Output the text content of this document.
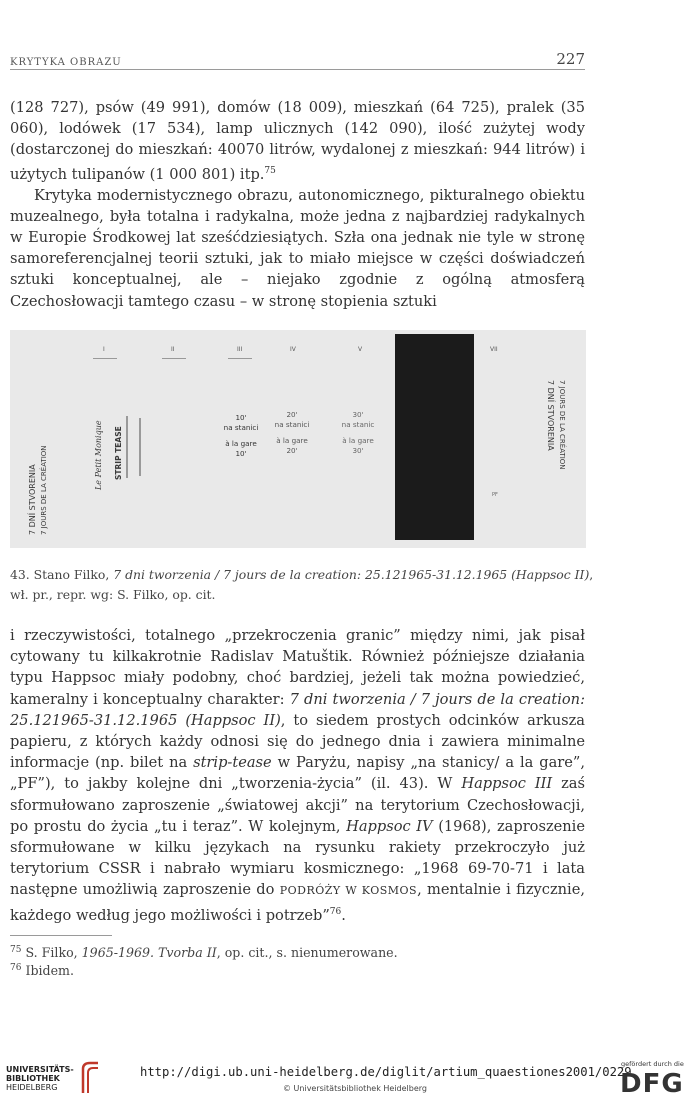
KRYTYKA OBRAZU	227

(128 727), psów (49 991), domów (18 009), mieszkań (64 725), pralek (35 060), lodówek (17 534), lamp ulicznych (142 090), ilość zużytej wody (dostarczonej do mieszkań: 40070 litrów, wydalonej z mieszkań: 944 litrów) i użytych tulipanów (1 000 801) itp.$^{75}$

Krytyka modernistycznego obrazu, autonomicznego, pikturalnego obiektu muzealnego, była totalna i radykalna, może jedna z najbardziej radykalnych w Europie Środkowej lat sześćdziesiątych. Szła ona jednak nie tyle w stronę samoreferencjalnej teorii sztuki, jak to miało miejsce w części doświadczeń sztuki konceptualnej, ale – niejako zgodnie z ogólną atmosferą Czechosłowacji tamtego czasu – w stronę stopienia sztuki

7 DNÍ STVORENIA 7 JOURS DE LA CRÉATION
I	II	III	IV	V	VII
Le Petit Monique STRIP TEASE
10'
na stanici
à la gare
10'
20'
na stanici
à la gare
20'
30'
na stanic
à la gare
30'
PF
7 DNÍ STVORENIA 7 JOURS DE LA CRÉATION
43. Stano Filko, 7 dni tworzenia / 7 jours de la creation: 25.121965-31.12.1965 (Happsoc II),
wł. pr., repr. wg: S. Filko, op. cit.

i rzeczywistości, totalnego „przekroczenia granic” między nimi, jak pisał cytowany tu kilkakrotnie Radislav Matuštik. Również późniejsze działania typu Happsoc miały podobny, choć bardziej, jeżeli tak można powiedzieć, kameralny i konceptualny charakter: 7 dni tworzenia / 7 jours de la creation: 25.121965-31.12.1965 (Happsoc II), to siedem prostych odcinków arkusza papieru, z których każdy odnosi się do jednego dnia i zawiera minimalne informacje (np. bilet na strip-tease w Paryżu, napisy „na stanicy/ a la gare”, „PF”), to jakby kolejne dni „tworzenia-życia” (il. 43). W Happsoc III zaś sformułowano zaproszenie „światowej akcji” na terytorium Czechosłowacji, po prostu do życia „tu i teraz”. W kolejnym, Happsoc IV (1968), zaproszenie sformułowane w kilku językach na rysunku rakiety przekroczyło już terytorium CSSR i nabrało wymiaru kosmicznego: „1968 69-70-71 i lata następne umożliwią zaproszenie do PODRÓŻY W KOSMOS, mentalnie i fizycznie, każdego według jego możliwości i potrzeb”$^{76}$.

$^{75}$ S. Filko, 1965-1969. Tvorba II, op. cit., s. nienumerowane.
$^{76}$ Ibidem.
UNIVERSITÄTS-
BIBLIOTHEK
HEIDELBERG
http://digi.ub.uni-heidelberg.de/diglit/artium_quaestiones2001/0229
© Universitätsbibliothek Heidelberg
gefördert durch die
DFG
